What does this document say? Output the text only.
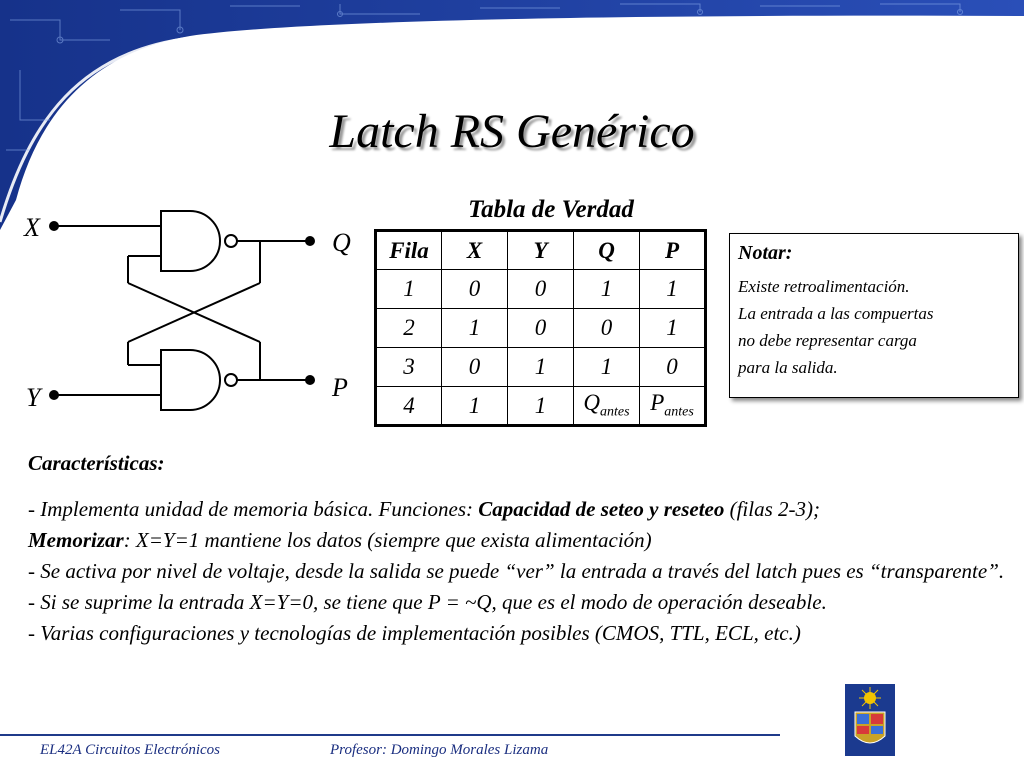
Latch RS Genérico
X
Y
Q
P
Tabla de Verdad
Fila	X	Y	Q	P
1	0	0	1	1
2	1	0	0	1
3	0	1	1	0
4	1	1	$Q_{antes}$	$P_{antes}$
Notar:
Existe retroalimentación.
La entrada a las compuertas
no debe representar carga
para la salida.
Características:
- Implementa unidad de memoria básica. Funciones: Capacidad de seteo y reseteo (filas 2-3);
Memorizar: X=Y=1 mantiene los datos (siempre que exista alimentación)
- Se activa por nivel de voltaje, desde la salida se puede “ver” la entrada a través del latch pues es “transparente”.
- Si se suprime la entrada X=Y=0, se tiene que P = ~Q, que es el modo de operación deseable.
- Varias configuraciones y tecnologías de implementación posibles (CMOS, TTL, ECL, etc.)
EL42A Circuitos Electrónicos	Profesor: Domingo Morales Lizama
